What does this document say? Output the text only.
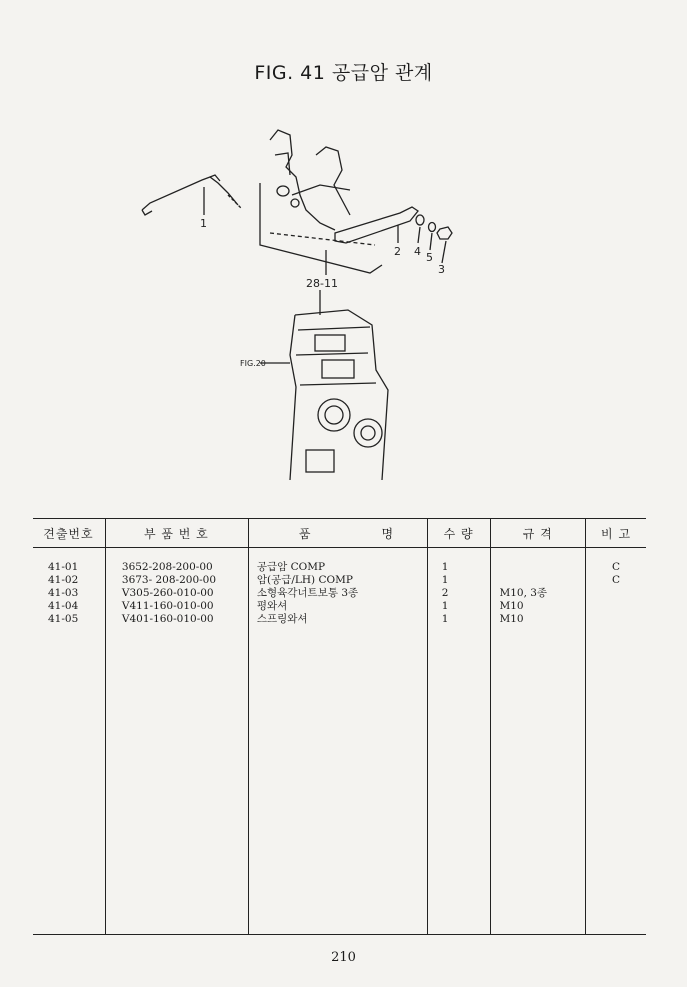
FIG. 41 공급암 관계
1
2 4 5
3
28-11
FIG.20
견출번호	부 품 번 호	품 명	수 량	규 격	비 고

41-01	3652-208-200-00	공급암 COMP	1		C
41-02	3673- 208-200-00	암(공급/LH) COMP	1		C
41-03	V305-260-010-00	소형육각너트보통 3종	2	M10, 3종	
41-04	V411-160-010-00	평와셔	1	M10	
41-05	V401-160-010-00	스프링와셔	1	M10	

210
